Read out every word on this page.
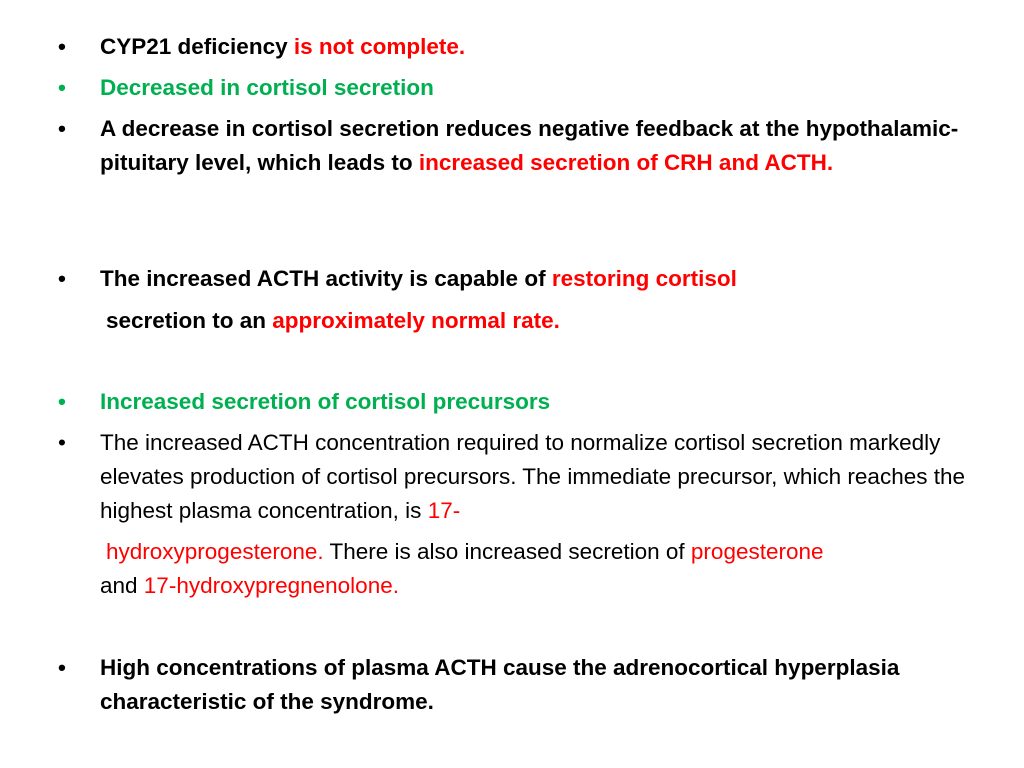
•	CYP21 deficiency is not complete.
•	Decreased in cortisol secretion
•	A decrease in cortisol secretion reduces negative feedback at the hypothalamic-pituitary level, which leads to increased secretion of CRH and ACTH.
•	The increased ACTH activity is capable of restoring cortisol
secretion to an approximately normal rate.
•	Increased secretion of cortisol precursors
•	The increased ACTH concentration required to normalize cortisol secretion markedly elevates production of cortisol precursors. The immediate precursor, which reaches the highest plasma concentration, is 17-
hydroxyprogesterone. There is also increased secretion of progesterone
and 17-hydroxypregnenolone.
•	High concentrations of plasma ACTH cause the adrenocortical hyperplasia characteristic of the syndrome.
